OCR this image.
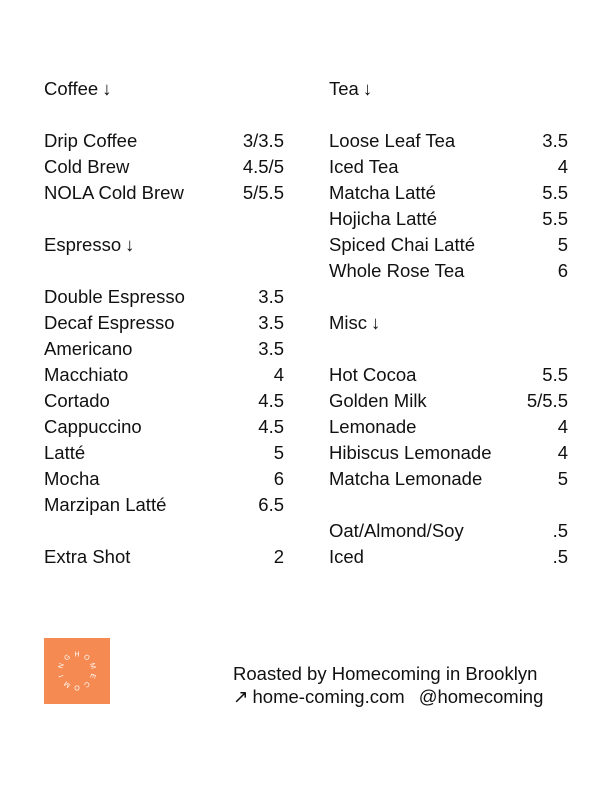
Coffee ↓
Drip Coffee	3/3.5
Cold Brew	4.5/5
NOLA Cold Brew	5/5.5
Espresso ↓
Double Espresso	3.5
Decaf Espresso	3.5
Americano	3.5
Macchiato	4
Cortado	4.5
Cappuccino	4.5
Latté	5
Mocha	6
Marzipan Latté	6.5
Extra Shot	2
Tea ↓
Loose Leaf Tea	3.5
Iced Tea	4
Matcha Latté	5.5
Hojicha Latté	5.5
Spiced Chai Latté	5
Whole Rose Tea	6
Misc ↓
Hot Cocoa	5.5
Golden Milk	5/5.5
Lemonade	4
Hibiscus Lemonade	4
Matcha Lemonade	5
Oat/Almond/Soy	.5
Iced	.5
H O
M
E
C
O
M
I
N
G
Roasted by Homecoming in Brooklyn
↗ home-coming.com @homecoming
